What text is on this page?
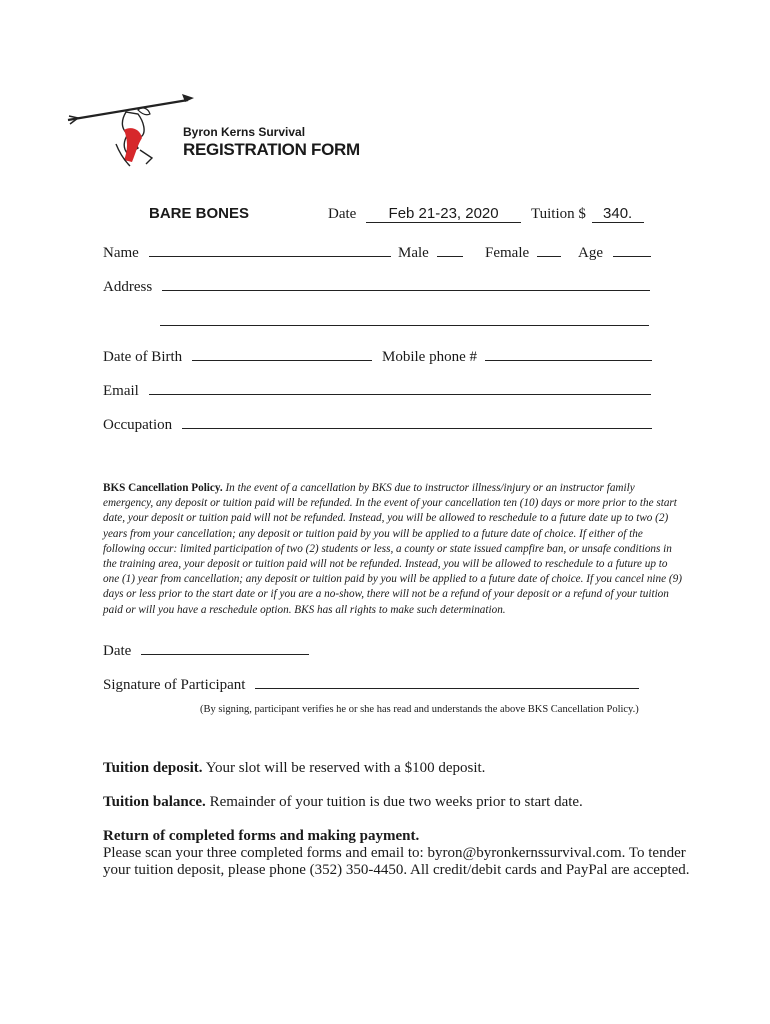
Byron Kerns Survival
REGISTRATION FORM
BARE BONES	Date Feb 21-23, 2020	Tuition $ 340.
Name	Male	Female	Age
Address
Date of Birth	Mobile phone #
Email
Occupation
BKS Cancellation Policy. In the event of a cancellation by BKS due to instructor illness/injury or an instructor family emergency, any deposit or tuition paid will be refunded. In the event of your cancellation ten (10) days or more prior to the start date, your deposit or tuition paid will not be refunded. Instead, you will be allowed to reschedule to a future date up to two (2) years from your cancellation; any deposit or tuition paid by you will be applied to a future date of choice. If either of the following occur: limited participation of two (2) students or less, a county or state issued campfire ban, or unsafe conditions in the training area, your deposit or tuition paid will not be refunded. Instead, you will be allowed to reschedule to a future up to one (1) year from cancellation; any deposit or tuition paid by you will be applied to a future date of choice. If you cancel nine (9) days or less prior to the start date or if you are a no-show, there will not be a refund of your deposit or a refund of your tuition paid or will you have a reschedule option. BKS has all rights to make such determination.
Date
Signature of Participant
(By signing, participant verifies he or she has read and understands the above BKS Cancellation Policy.)
Tuition deposit. Your slot will be reserved with a $100 deposit.
Tuition balance. Remainder of your tuition is due two weeks prior to start date.
Return of completed forms and making payment.
Please scan your three completed forms and email to: byron@byronkernssurvival.com. To tender your tuition deposit, please phone (352) 350-4450. All credit/debit cards and PayPal are accepted.
